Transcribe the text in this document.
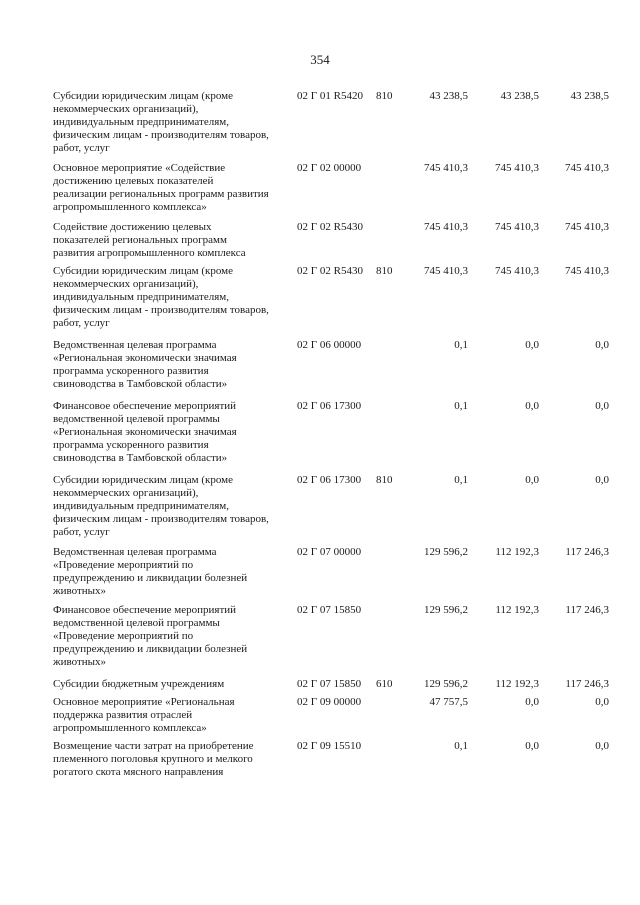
354
Субсидии юридическим лицам (кроме
некоммерческих организаций),
индивидуальным предпринимателям,
физическим лицам - производителям товаров,
работ, услуг
02 Г 01 R5420 810	43 238,5	43 238,5	43 238,5
Основное мероприятие «Содействие
достижению целевых показателей
реализации региональных программ развития
агропромышленного комплекса»
02 Г 02 00000	745 410,3	745 410,3	745 410,3
Содействие достижению целевых
показателей региональных программ
развития агропромышленного комплекса
02 Г 02 R5430	745 410,3	745 410,3	745 410,3
Субсидии юридическим лицам (кроме
некоммерческих организаций),
индивидуальным предпринимателям,
физическим лицам - производителям товаров,
работ, услуг
02 Г 02 R5430 810	745 410,3	745 410,3	745 410,3
Ведомственная целевая программа
«Региональная экономически значимая
программа ускоренного развития
свиноводства в Тамбовской области»
02 Г 06 00000	0,1	0,0	0,0
Финансовое обеспечение мероприятий
ведомственной целевой программы
«Региональная экономически значимая
программа ускоренного развития
свиноводства в Тамбовской области»
02 Г 06 17300	0,1	0,0	0,0
Субсидии юридическим лицам (кроме
некоммерческих организаций),
индивидуальным предпринимателям,
физическим лицам - производителям товаров,
работ, услуг
02 Г 06 17300 810	0,1	0,0	0,0
Ведомственная целевая программа
«Проведение мероприятий по
предупреждению и ликвидации болезней
животных»
02 Г 07 00000	129 596,2	112 192,3	117 246,3
Финансовое обеспечение мероприятий
ведомственной целевой программы
«Проведение мероприятий по
предупреждению и ликвидации болезней
животных»
02 Г 07 15850	129 596,2	112 192,3	117 246,3
Субсидии бюджетным учреждениям	02 Г 07 15850 610	129 596,2	112 192,3	117 246,3
Основное мероприятие «Региональная
поддержка развития отраслей
агропромышленного комплекса»
02 Г 09 00000	47 757,5	0,0	0,0
Возмещение части затрат на приобретение
племенного поголовья крупного и мелкого
рогатого скота мясного направления
02 Г 09 15510	0,1	0,0	0,0
